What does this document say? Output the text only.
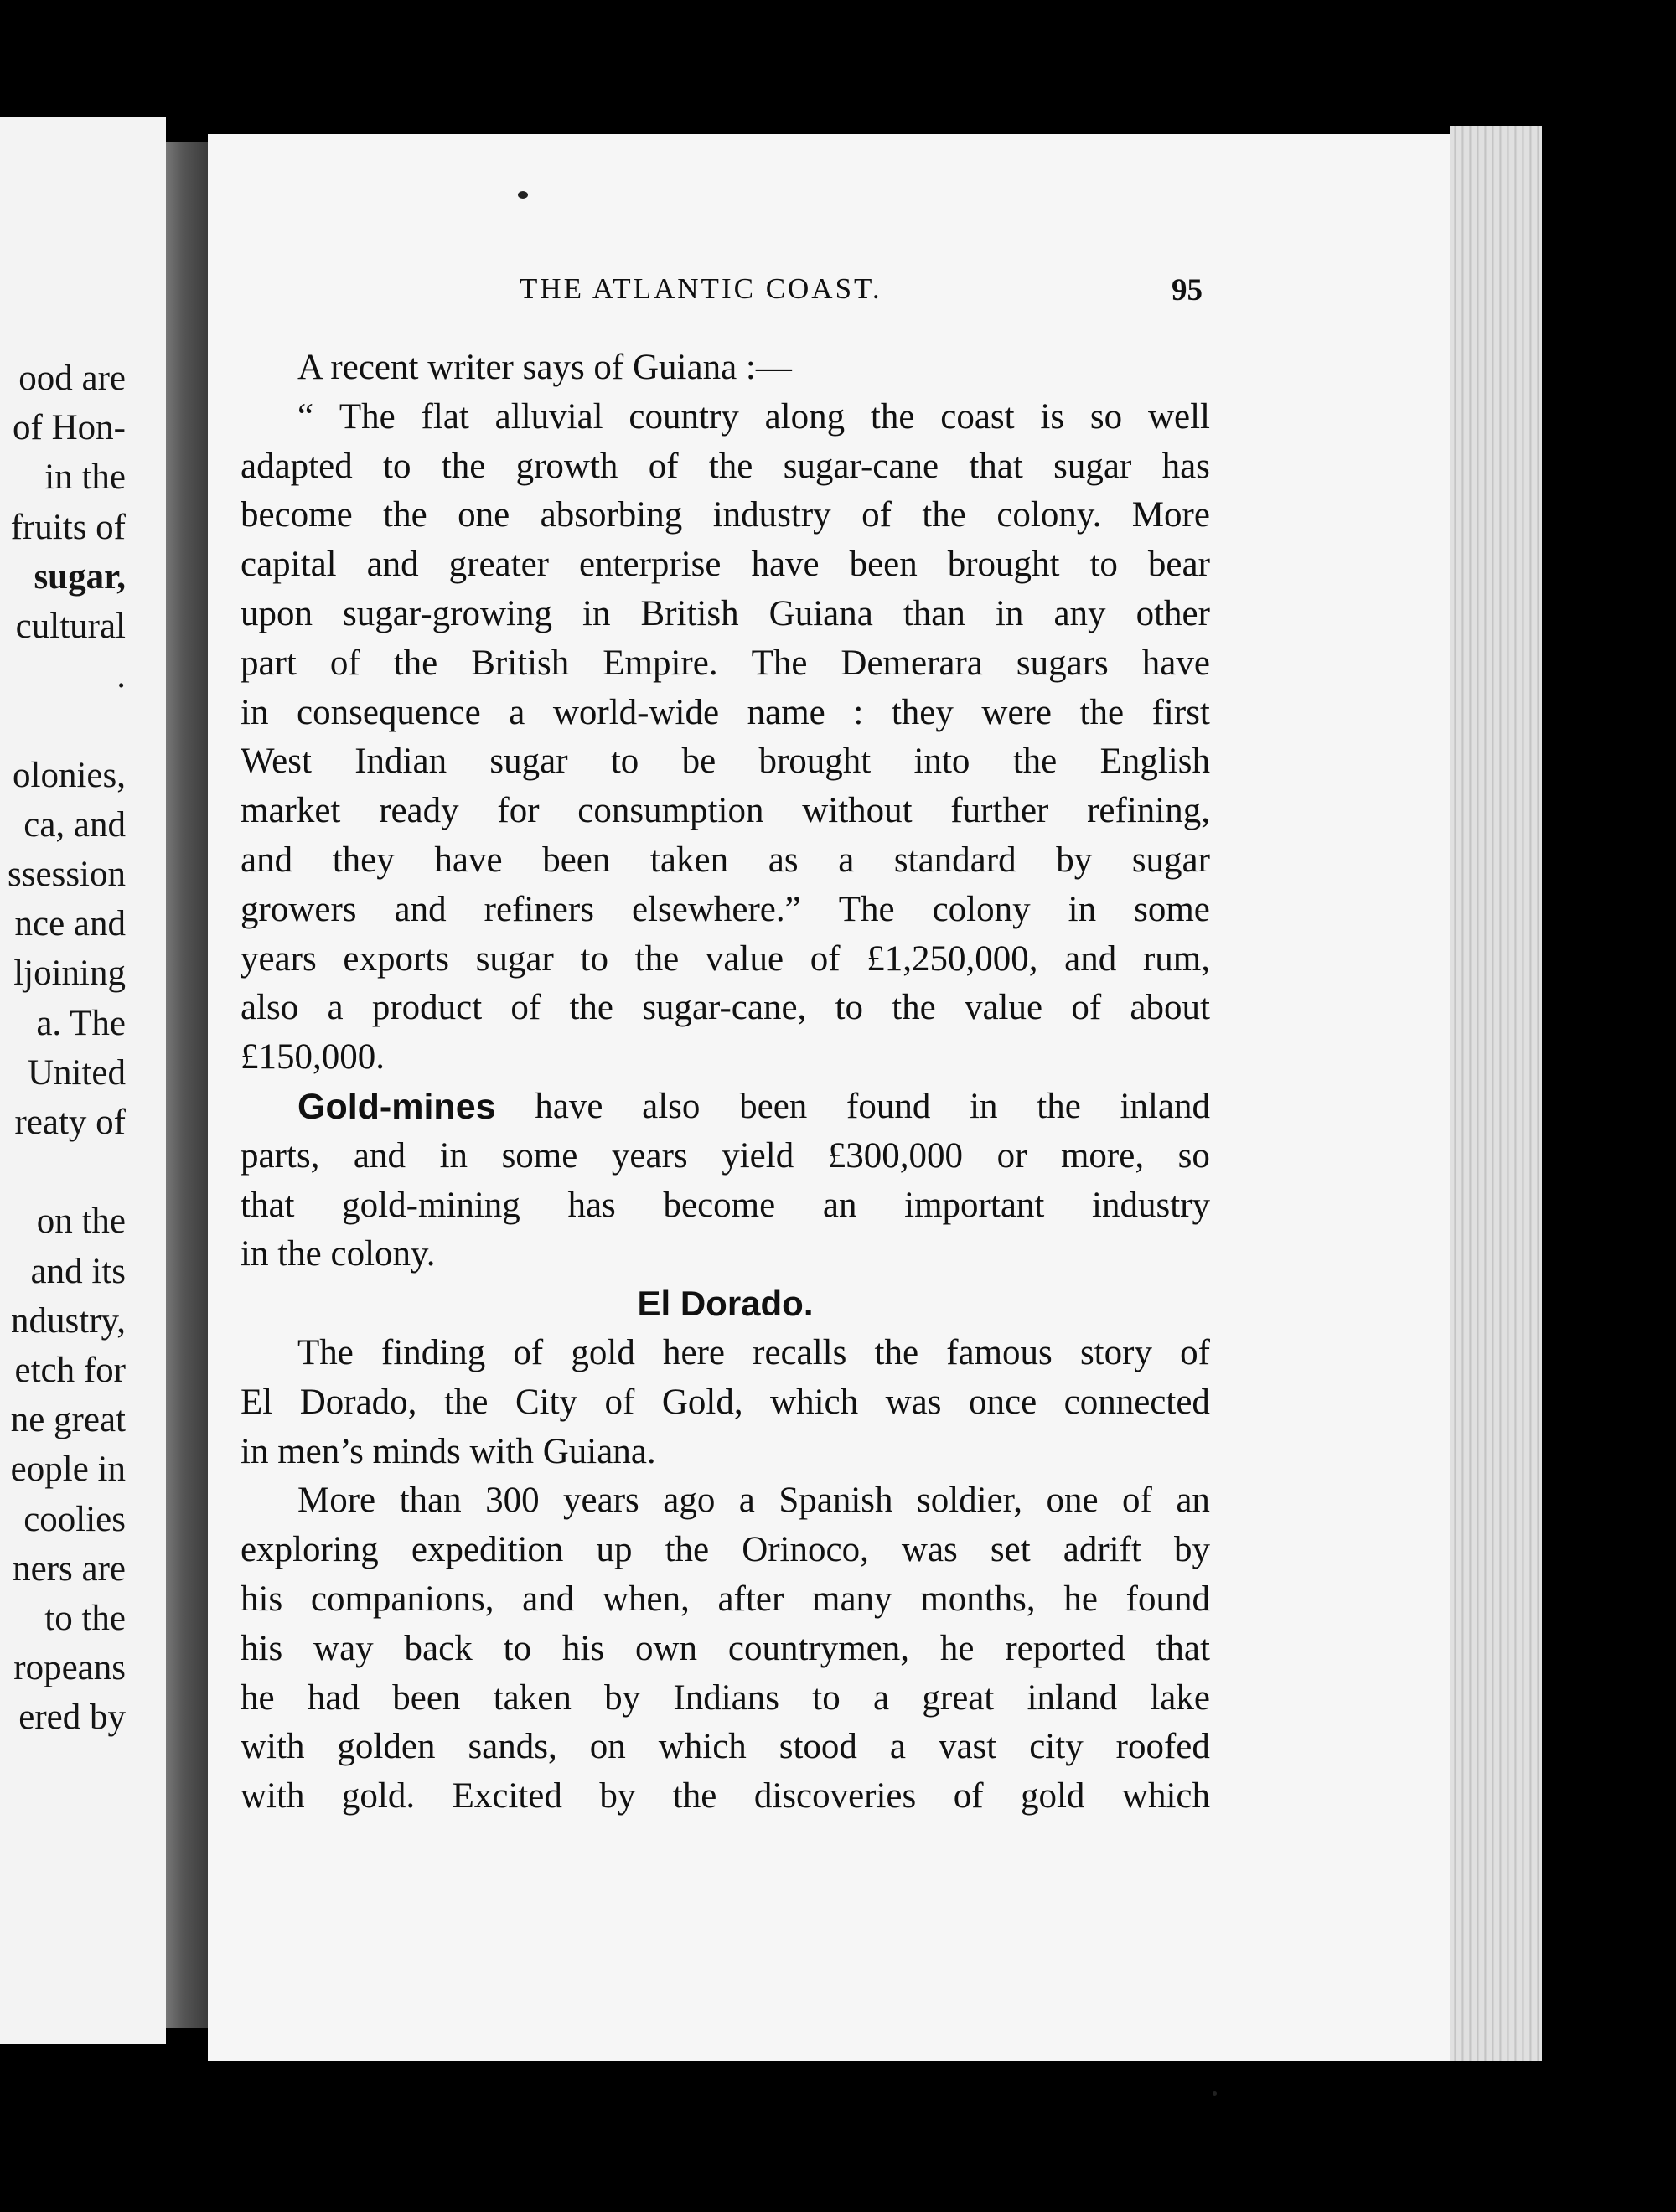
ood are
of Hon-
in the
fruits of
sugar,
cultural
.
olonies,
ca, and
ssession
nce and
ljoining
a. The
United
reaty of
on the
and its
ndustry,
etch for
ne great
eople in
coolies
ners are
to the
ropeans
ered by
THE ATLANTIC COAST.	95
A recent writer says of Guiana :—
“ The flat alluvial country along the coast is so well
adapted to the growth of the sugar-cane that sugar has
become the one absorbing industry of the colony. More
capital and greater enterprise have been brought to bear
upon sugar-growing in British Guiana than in any other
part of the British Empire. The Demerara sugars have
in consequence a world-wide name : they were the first
West Indian sugar to be brought into the English
market ready for consumption without further refining,
and they have been taken as a standard by sugar
growers and refiners elsewhere.” The colony in some
years exports sugar to the value of £1,250,000, and rum,
also a product of the sugar-cane, to the value of about
£150,000.
Gold-mines have also been found in the inland
parts, and in some years yield £300,000 or more, so
that gold-mining has become an important industry
in the colony.
El Dorado.
The finding of gold here recalls the famous story of
El Dorado, the City of Gold, which was once connected
in men’s minds with Guiana.
More than 300 years ago a Spanish soldier, one of an
exploring expedition up the Orinoco, was set adrift by
his companions, and when, after many months, he found
his way back to his own countrymen, he reported that
he had been taken by Indians to a great inland lake
with golden sands, on which stood a vast city roofed
with gold. Excited by the discoveries of gold which
